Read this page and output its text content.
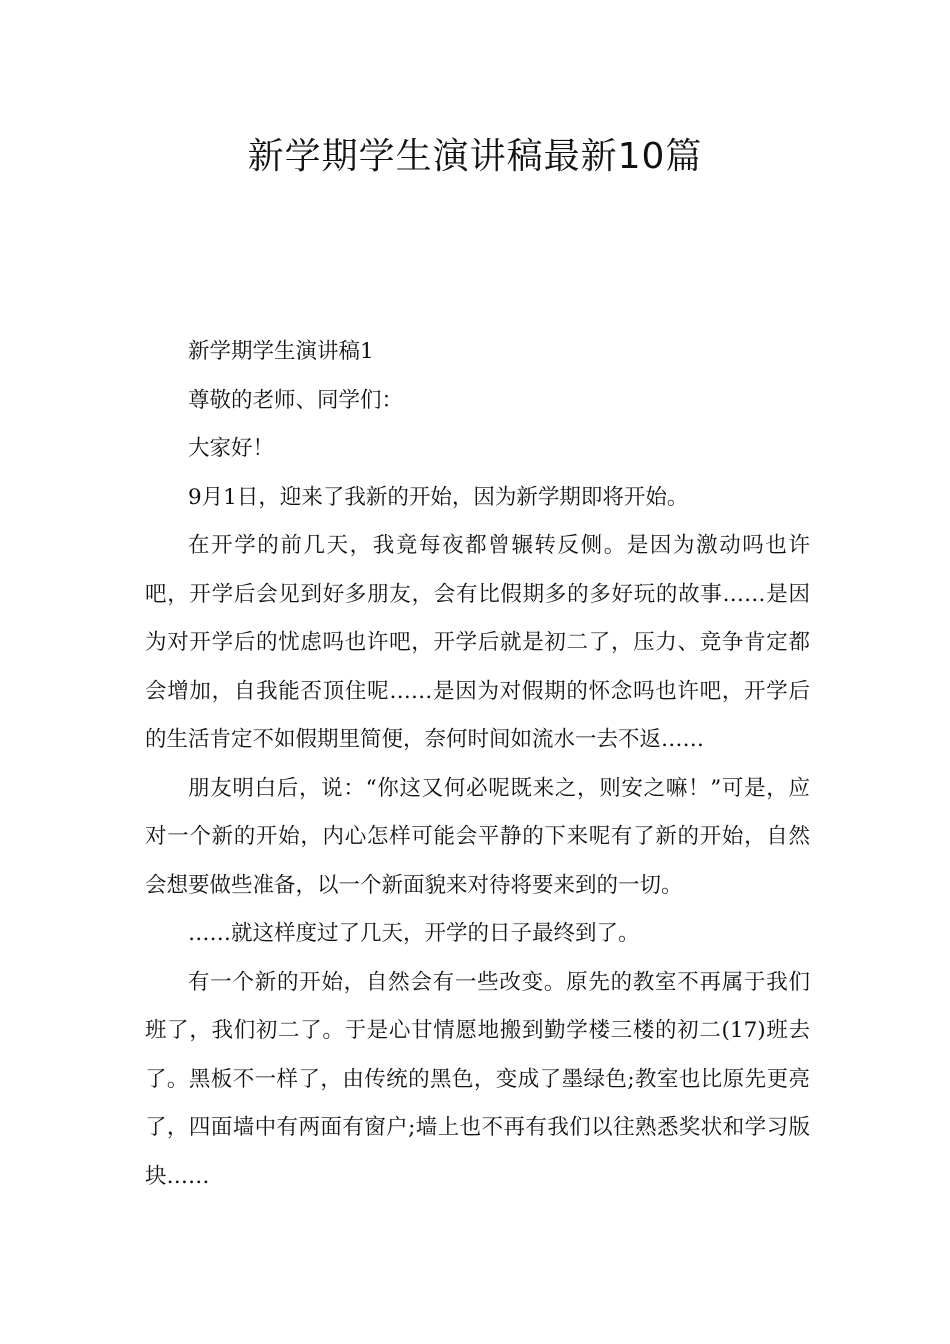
新学期学生演讲稿最新10篇

新学期学生演讲稿1

尊敬的老师、同学们：

大家好！

9月1日，迎来了我新的开始，因为新学期即将开始。

在开学的前几天，我竟每夜都曾辗转反侧。是因为激动吗也许吧，开学后会见到好多朋友，会有比假期多的多好玩的故事……是因为对开学后的忧虑吗也许吧，开学后就是初二了，压力、竞争肯定都会增加，自我能否顶住呢……是因为对假期的怀念吗也许吧，开学后的生活肯定不如假期里简便，奈何时间如流水一去不返……

朋友明白后，说：“你这又何必呢既来之，则安之嘛！”可是，应对一个新的开始，内心怎样可能会平静的下来呢有了新的开始，自然会想要做些准备，以一个新面貌来对待将要来到的一切。

……就这样度过了几天，开学的日子最终到了。

有一个新的开始，自然会有一些改变。原先的教室不再属于我们班了，我们初二了。于是心甘情愿地搬到勤学楼三楼的初二(17)班去了。黑板不一样了，由传统的黑色，变成了墨绿色;教室也比原先更亮了，四面墙中有两面有窗户;墙上也不再有我们以往熟悉奖状和学习版块……
